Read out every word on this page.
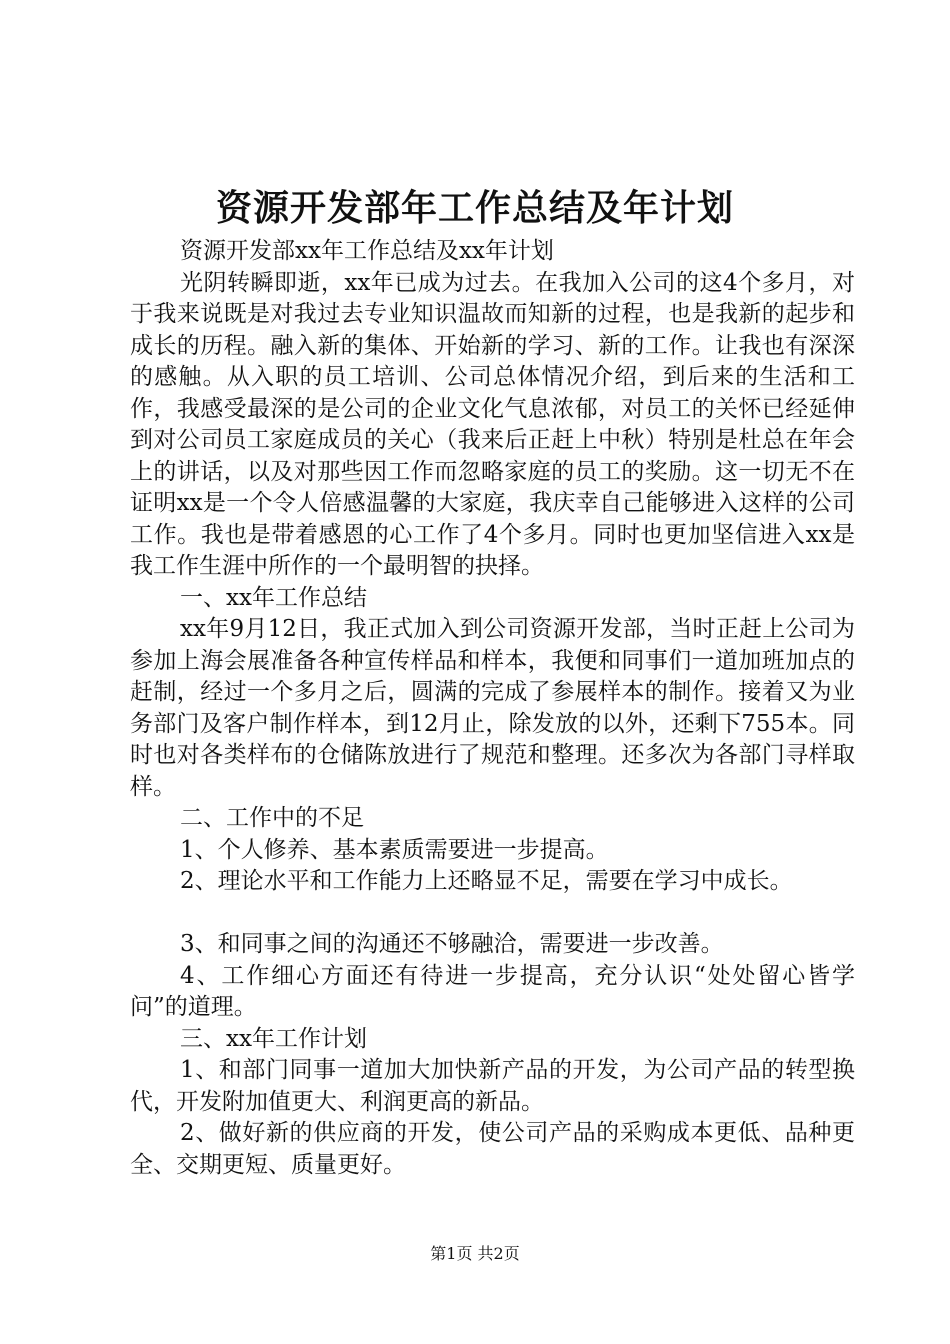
资源开发部年工作总结及年计划

资源开发部xx年工作总结及xx年计划

光阴转瞬即逝，xx年已成为过去。在我加入公司的这4个多月，对于我来说既是对我过去专业知识温故而知新的过程，也是我新的起步和成长的历程。融入新的集体、开始新的学习、新的工作。让我也有深深的感触。从入职的员工培训、公司总体情况介绍，到后来的生活和工作，我感受最深的是公司的企业文化气息浓郁，对员工的关怀已经延伸到对公司员工家庭成员的关心（我来后正赶上中秋）特别是杜总在年会上的讲话，以及对那些因工作而忽略家庭的员工的奖励。这一切无不在证明xx是一个令人倍感温馨的大家庭，我庆幸自己能够进入这样的公司工作。我也是带着感恩的心工作了4个多月。同时也更加坚信进入xx是我工作生涯中所作的一个最明智的抉择。

一、xx年工作总结

xx年9月12日，我正式加入到公司资源开发部，当时正赶上公司为参加上海会展准备各种宣传样品和样本，我便和同事们一道加班加点的赶制，经过一个多月之后，圆满的完成了参展样本的制作。接着又为业务部门及客户制作样本，到12月止，除发放的以外，还剩下755本。同时也对各类样布的仓储陈放进行了规范和整理。还多次为各部门寻样取样。

二、工作中的不足

1、个人修养、基本素质需要进一步提高。

2、理论水平和工作能力上还略显不足，需要在学习中成长。

3、和同事之间的沟通还不够融洽，需要进一步改善。

4、工作细心方面还有待进一步提高，充分认识“处处留心皆学问”的道理。

三、xx年工作计划

1、和部门同事一道加大加快新产品的开发，为公司产品的转型换代，开发附加值更大、利润更高的新品。

2、做好新的供应商的开发，使公司产品的采购成本更低、品种更全、交期更短、质量更好。

第1页 共2页
